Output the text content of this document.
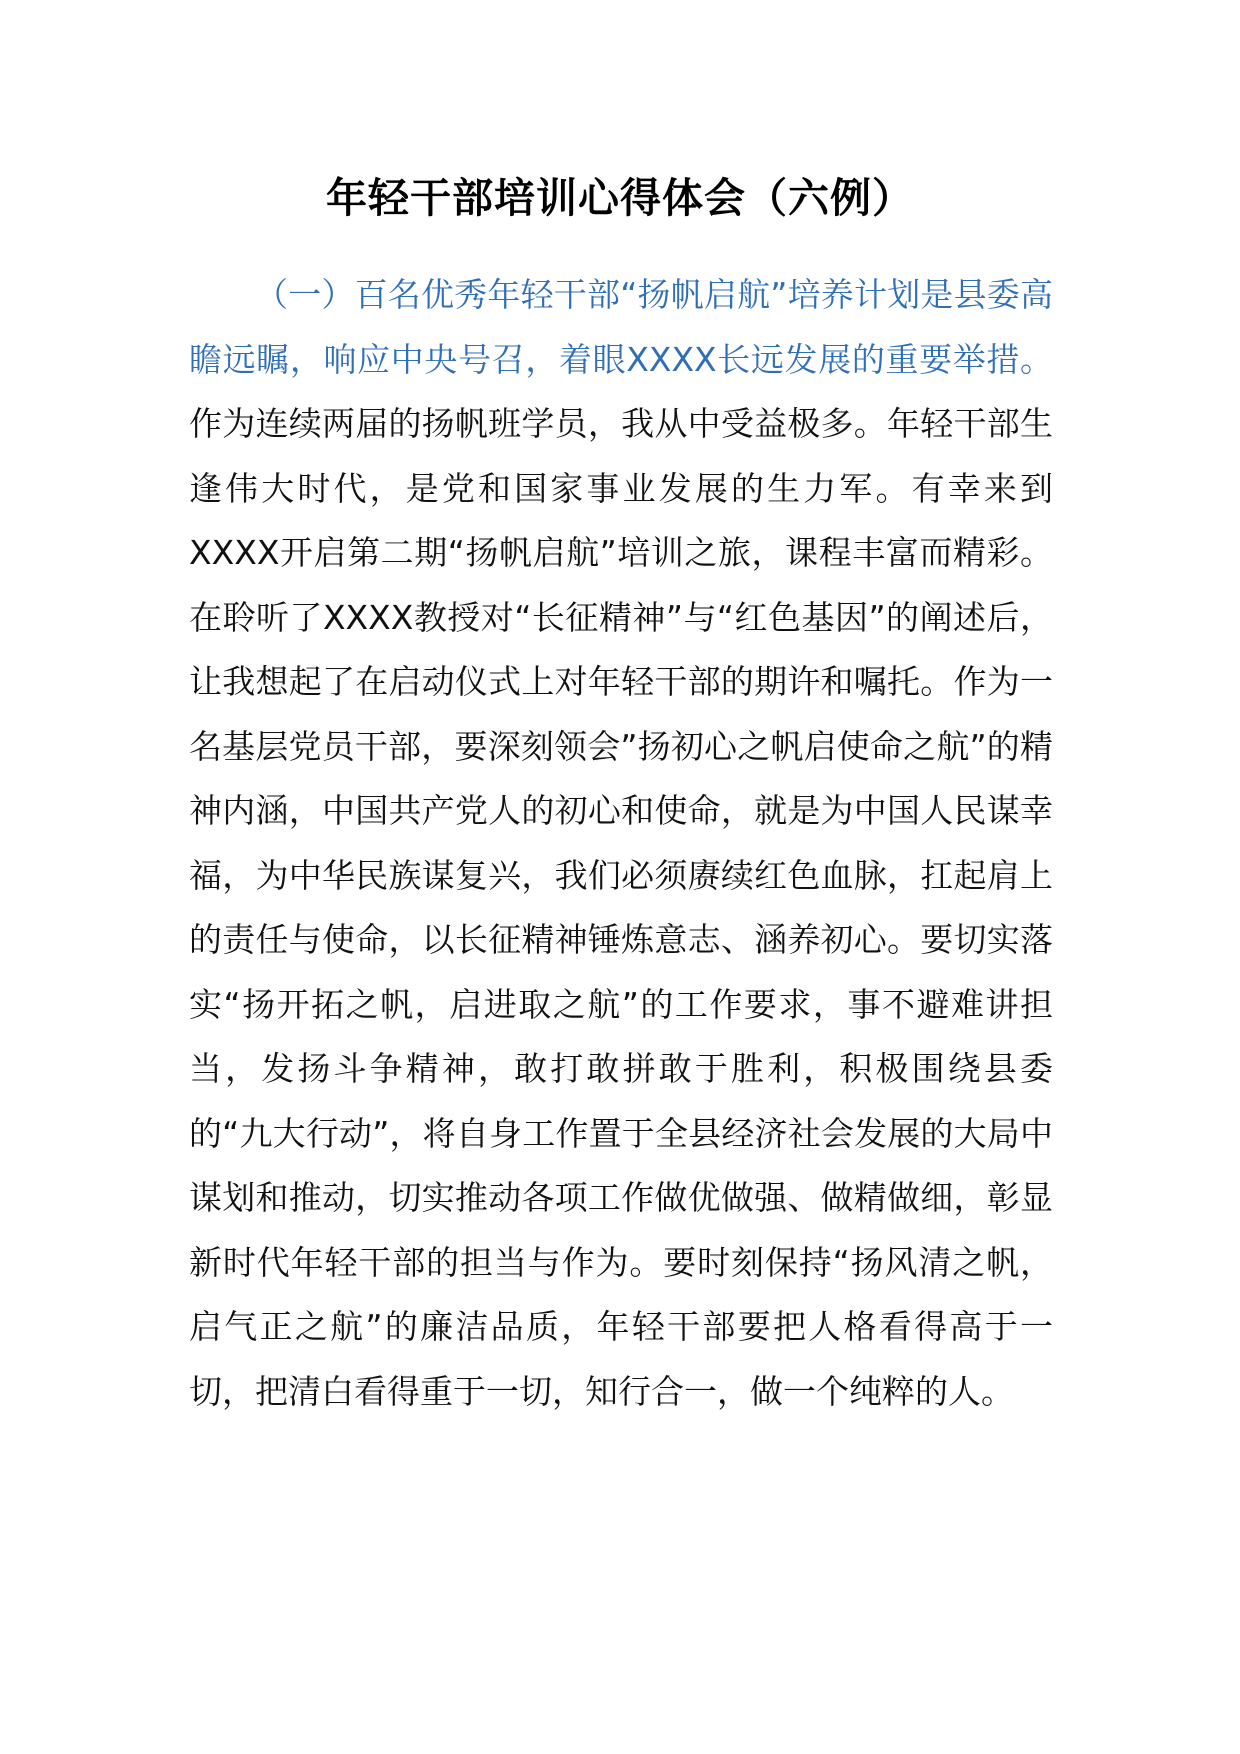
年轻干部培训心得体会（六例）

（一）百名优秀年轻干部“扬帆启航”培养计划是县委高瞻远瞩，响应中央号召，着眼XXXX长远发展的重要举措。作为连续两届的扬帆班学员，我从中受益极多。年轻干部生逢伟大时代，是党和国家事业发展的生力军。有幸来到XXXX开启第二期“扬帆启航”培训之旅，课程丰富而精彩。在聆听了XXXX教授对“长征精神”与“红色基因”的阐述后，让我想起了在启动仪式上对年轻干部的期许和嘱托。作为一名基层党员干部，要深刻领会”扬初心之帆启使命之航”的精神内涵，中国共产党人的初心和使命，就是为中国人民谋幸福，为中华民族谋复兴，我们必须赓续红色血脉，扛起肩上的责任与使命，以长征精神锤炼意志、涵养初心。要切实落实“扬开拓之帆，启进取之航”的工作要求，事不避难讲担当，发扬斗争精神，敢打敢拼敢于胜利，积极围绕县委的“九大行动”，将自身工作置于全县经济社会发展的大局中谋划和推动，切实推动各项工作做优做强、做精做细，彰显新时代年轻干部的担当与作为。要时刻保持“扬风清之帆，启气正之航”的廉洁品质，年轻干部要把人格看得高于一切，把清白看得重于一切，知行合一，做一个纯粹的人。
